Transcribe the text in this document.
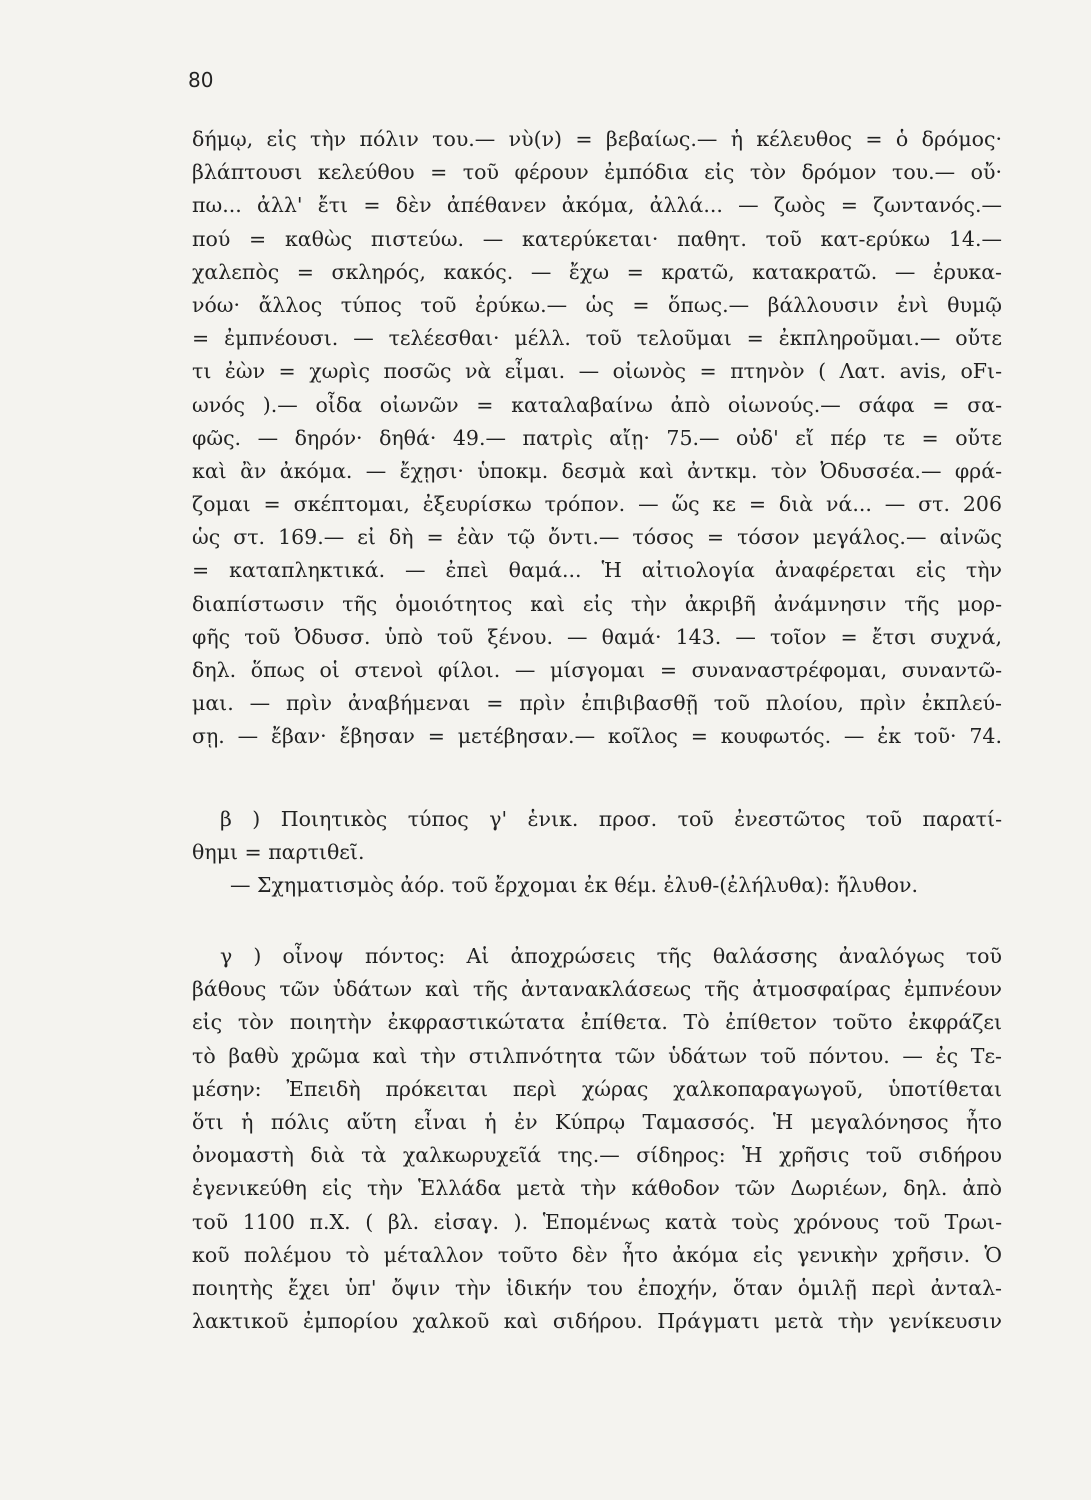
80
δήμῳ, εἰς τὴν πόλιν του.— νὺ(ν) = βεβαίως.— ἡ κέλευθος = ὁ δρόμος·
βλάπτουσι κελεύθου = τοῦ φέρουν ἐμπόδια εἰς τὸν δρόμον του.— οὔ·
πω... ἀλλ' ἔτι = δὲν ἀπέθανεν ἀκόμα, ἀλλά... — ζωὸς = ζωντανός.—
πού = καθὼς πιστεύω. — κατερύκεται· παθητ. τοῦ κατ-ερύκω 14.—
χαλεπὸς = σκληρός, κακός. — ἔχω = κρατῶ, κατακρατῶ. — ἐρυκα-
νόω· ἄλλος τύπος τοῦ ἐρύκω.— ὡς = ὅπως.— βάλλουσιν ἐνὶ θυμῷ
= ἐμπνέουσι. — τελέεσθαι· μέλλ. τοῦ τελοῦμαι = ἐκπληροῦμαι.— οὔτε
τι ἐὼν = χωρὶς ποσῶς νὰ εἶμαι. — οἰωνὸς = πτηνὸν ( Λατ. avis, oFι-
ωνός ).— οἶδα οἰωνῶν = καταλαβαίνω ἀπὸ οἰωνούς.— σάφα = σα-
φῶς. — δηρόν· δηθά· 49.— πατρὶς αἴῃ· 75.— οὐδ' εἴ πέρ τε = οὔτε
καὶ ἂν ἀκόμα. — ἔχῃσι· ὑποκμ. δεσμὰ καὶ ἀντκμ. τὸν Ὀδυσσέα.— φρά-
ζομαι = σκέπτομαι, ἐξευρίσκω τρόπον. — ὥς κε = διὰ νά... — στ. 206
ὡς στ. 169.— εἰ δὴ = ἐὰν τῷ ὄντι.— τόσος = τόσον μεγάλος.— αἰνῶς
= καταπληκτικά. — ἐπεὶ θαμά... Ἡ αἰτιολογία ἀναφέρεται εἰς τὴν
διαπίστωσιν τῆς ὁμοιότητος καὶ εἰς τὴν ἀκριβῆ ἀνάμνησιν τῆς μορ-
φῆς τοῦ Ὀδυσσ. ὑπὸ τοῦ ξένου. — θαμά· 143. — τοῖον = ἔτσι συχνά,
δηλ. ὅπως οἱ στενοὶ φίλοι. — μίσγομαι = συναναστρέφομαι, συναντῶ-
μαι. — πρὶν ἀναβήμεναι = πρὶν ἐπιβιβασθῇ τοῦ πλοίου, πρὶν ἐκπλεύ-
σῃ. — ἔβαν· ἔβησαν = μετέβησαν.— κοῖλος = κουφωτός. — ἐκ τοῦ· 74.
β ) Ποιητικὸς τύπος γ' ἑνικ. προσ. τοῦ ἐνεστῶτος τοῦ παρατί-
θημι = παρτιθεῖ.
— Σχηματισμὸς ἀόρ. τοῦ ἔρχομαι ἐκ θέμ. ἐλυθ-(ἐλήλυθα): ἤλυθον.
γ ) οἶνοψ πόντος: Αἱ ἀποχρώσεις τῆς θαλάσσης ἀναλόγως τοῦ
βάθους τῶν ὑδάτων καὶ τῆς ἀντανακλάσεως τῆς ἀτμοσφαίρας ἐμπνέουν
εἰς τὸν ποιητὴν ἐκφραστικώτατα ἐπίθετα. Τὸ ἐπίθετον τοῦτο ἐκφράζει
τὸ βαθὺ χρῶμα καὶ τὴν στιλπνότητα τῶν ὑδάτων τοῦ πόντου. — ἐς Τε-
μέσην: Ἐπειδὴ πρόκειται περὶ χώρας χαλκοπαραγωγοῦ, ὑποτίθεται
ὅτι ἡ πόλις αὕτη εἶναι ἡ ἐν Κύπρῳ Ταμασσός. Ἡ μεγαλόνησος ἦτο
ὀνομαστὴ διὰ τὰ χαλκωρυχεῖά της.— σίδηρος: Ἡ χρῆσις τοῦ σιδήρου
ἐγενικεύθη εἰς τὴν Ἑλλάδα μετὰ τὴν κάθοδον τῶν Δωριέων, δηλ. ἀπὸ
τοῦ 1100 π.Χ. ( βλ. εἰσαγ. ). Ἑπομένως κατὰ τοὺς χρόνους τοῦ Τρωι-
κοῦ πολέμου τὸ μέταλλον τοῦτο δὲν ἦτο ἀκόμα εἰς γενικὴν χρῆσιν. Ὁ
ποιητὴς ἔχει ὑπ' ὄψιν τὴν ἰδικήν του ἐποχήν, ὅταν ὁμιλῇ περὶ ἀνταλ-
λακτικοῦ ἐμπορίου χαλκοῦ καὶ σιδήρου. Πράγματι μετὰ τὴν γενίκευσιν
